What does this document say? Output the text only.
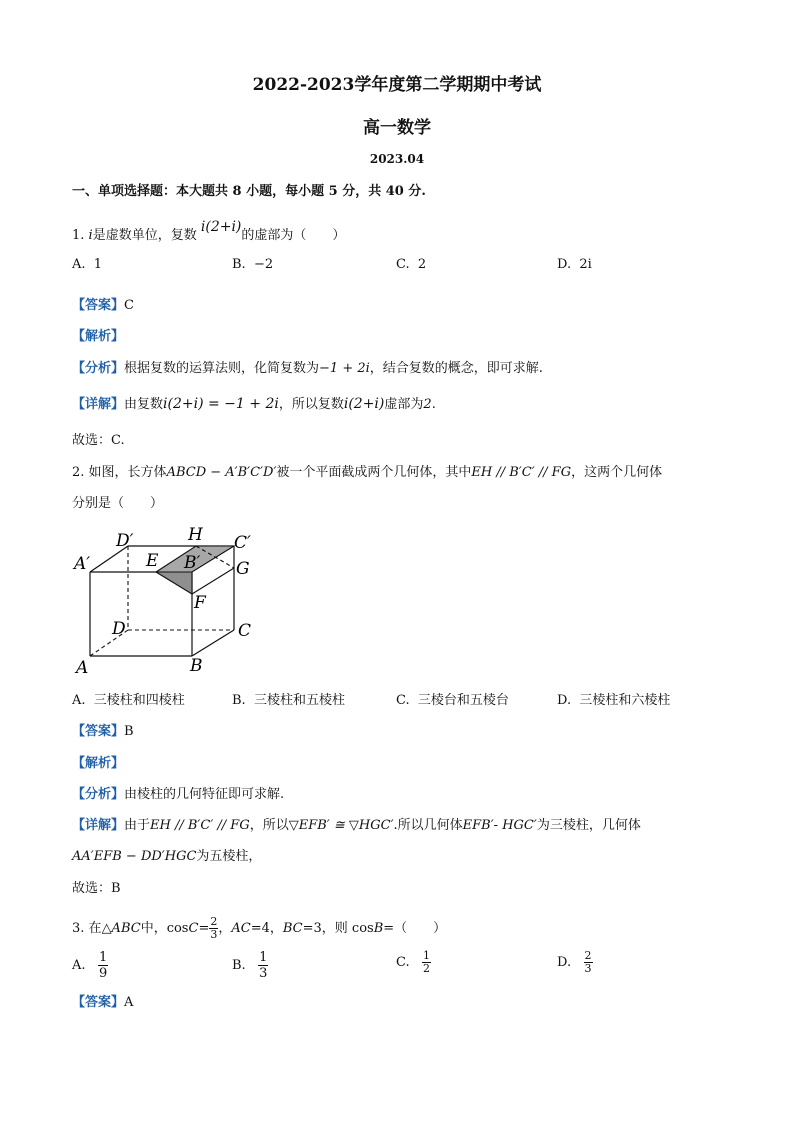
2022-2023学年度第二学期期中考试
高一数学
2023.04
一、单项选择题：本大题共 8 小题，每小题 5 分，共 40 分.
1. i是虚数单位，复数 i(2+i)的虚部为（　　）
A. 1	B. −2	C. 2	D. 2i
【答案】C
【解析】
【分析】根据复数的运算法则，化简复数为−1 + 2i，结合复数的概念，即可求解.
【详解】由复数i(2+i) = −1 + 2i，所以复数i(2+i)虚部为2.
故选：C.
2. 如图，长方体ABCD − A′B′C′D′被一个平面截成两个几何体，其中EH // B′C′ // FG，这两个几何体
分别是（　　）
D′	H C′
A′	E B′ G
F
D	C
A	B
A. 三棱柱和四棱柱	B. 三棱柱和五棱柱	C. 三棱台和五棱台	D. 三棱柱和六棱柱
【答案】B
【解析】
【分析】由棱柱的几何特征即可求解.
【详解】由于EH // B′C′ // FG，所以▽EFB′ ≅ ▽HGC′.所以几何体EFB′- HGC′为三棱柱，几何体
AA′EFB − DD′HGC为五棱柱，
故选：B
3. 在△ABC中，$\cos C= \frac{2}{3}$ ，AC=4，BC=3，则 cosB=（　　）
A. $\frac{1}{9}$	B. $\frac{1}{3}$	C. $\frac{1}{2}$	D. $\frac{2}{3}$
【答案】A
